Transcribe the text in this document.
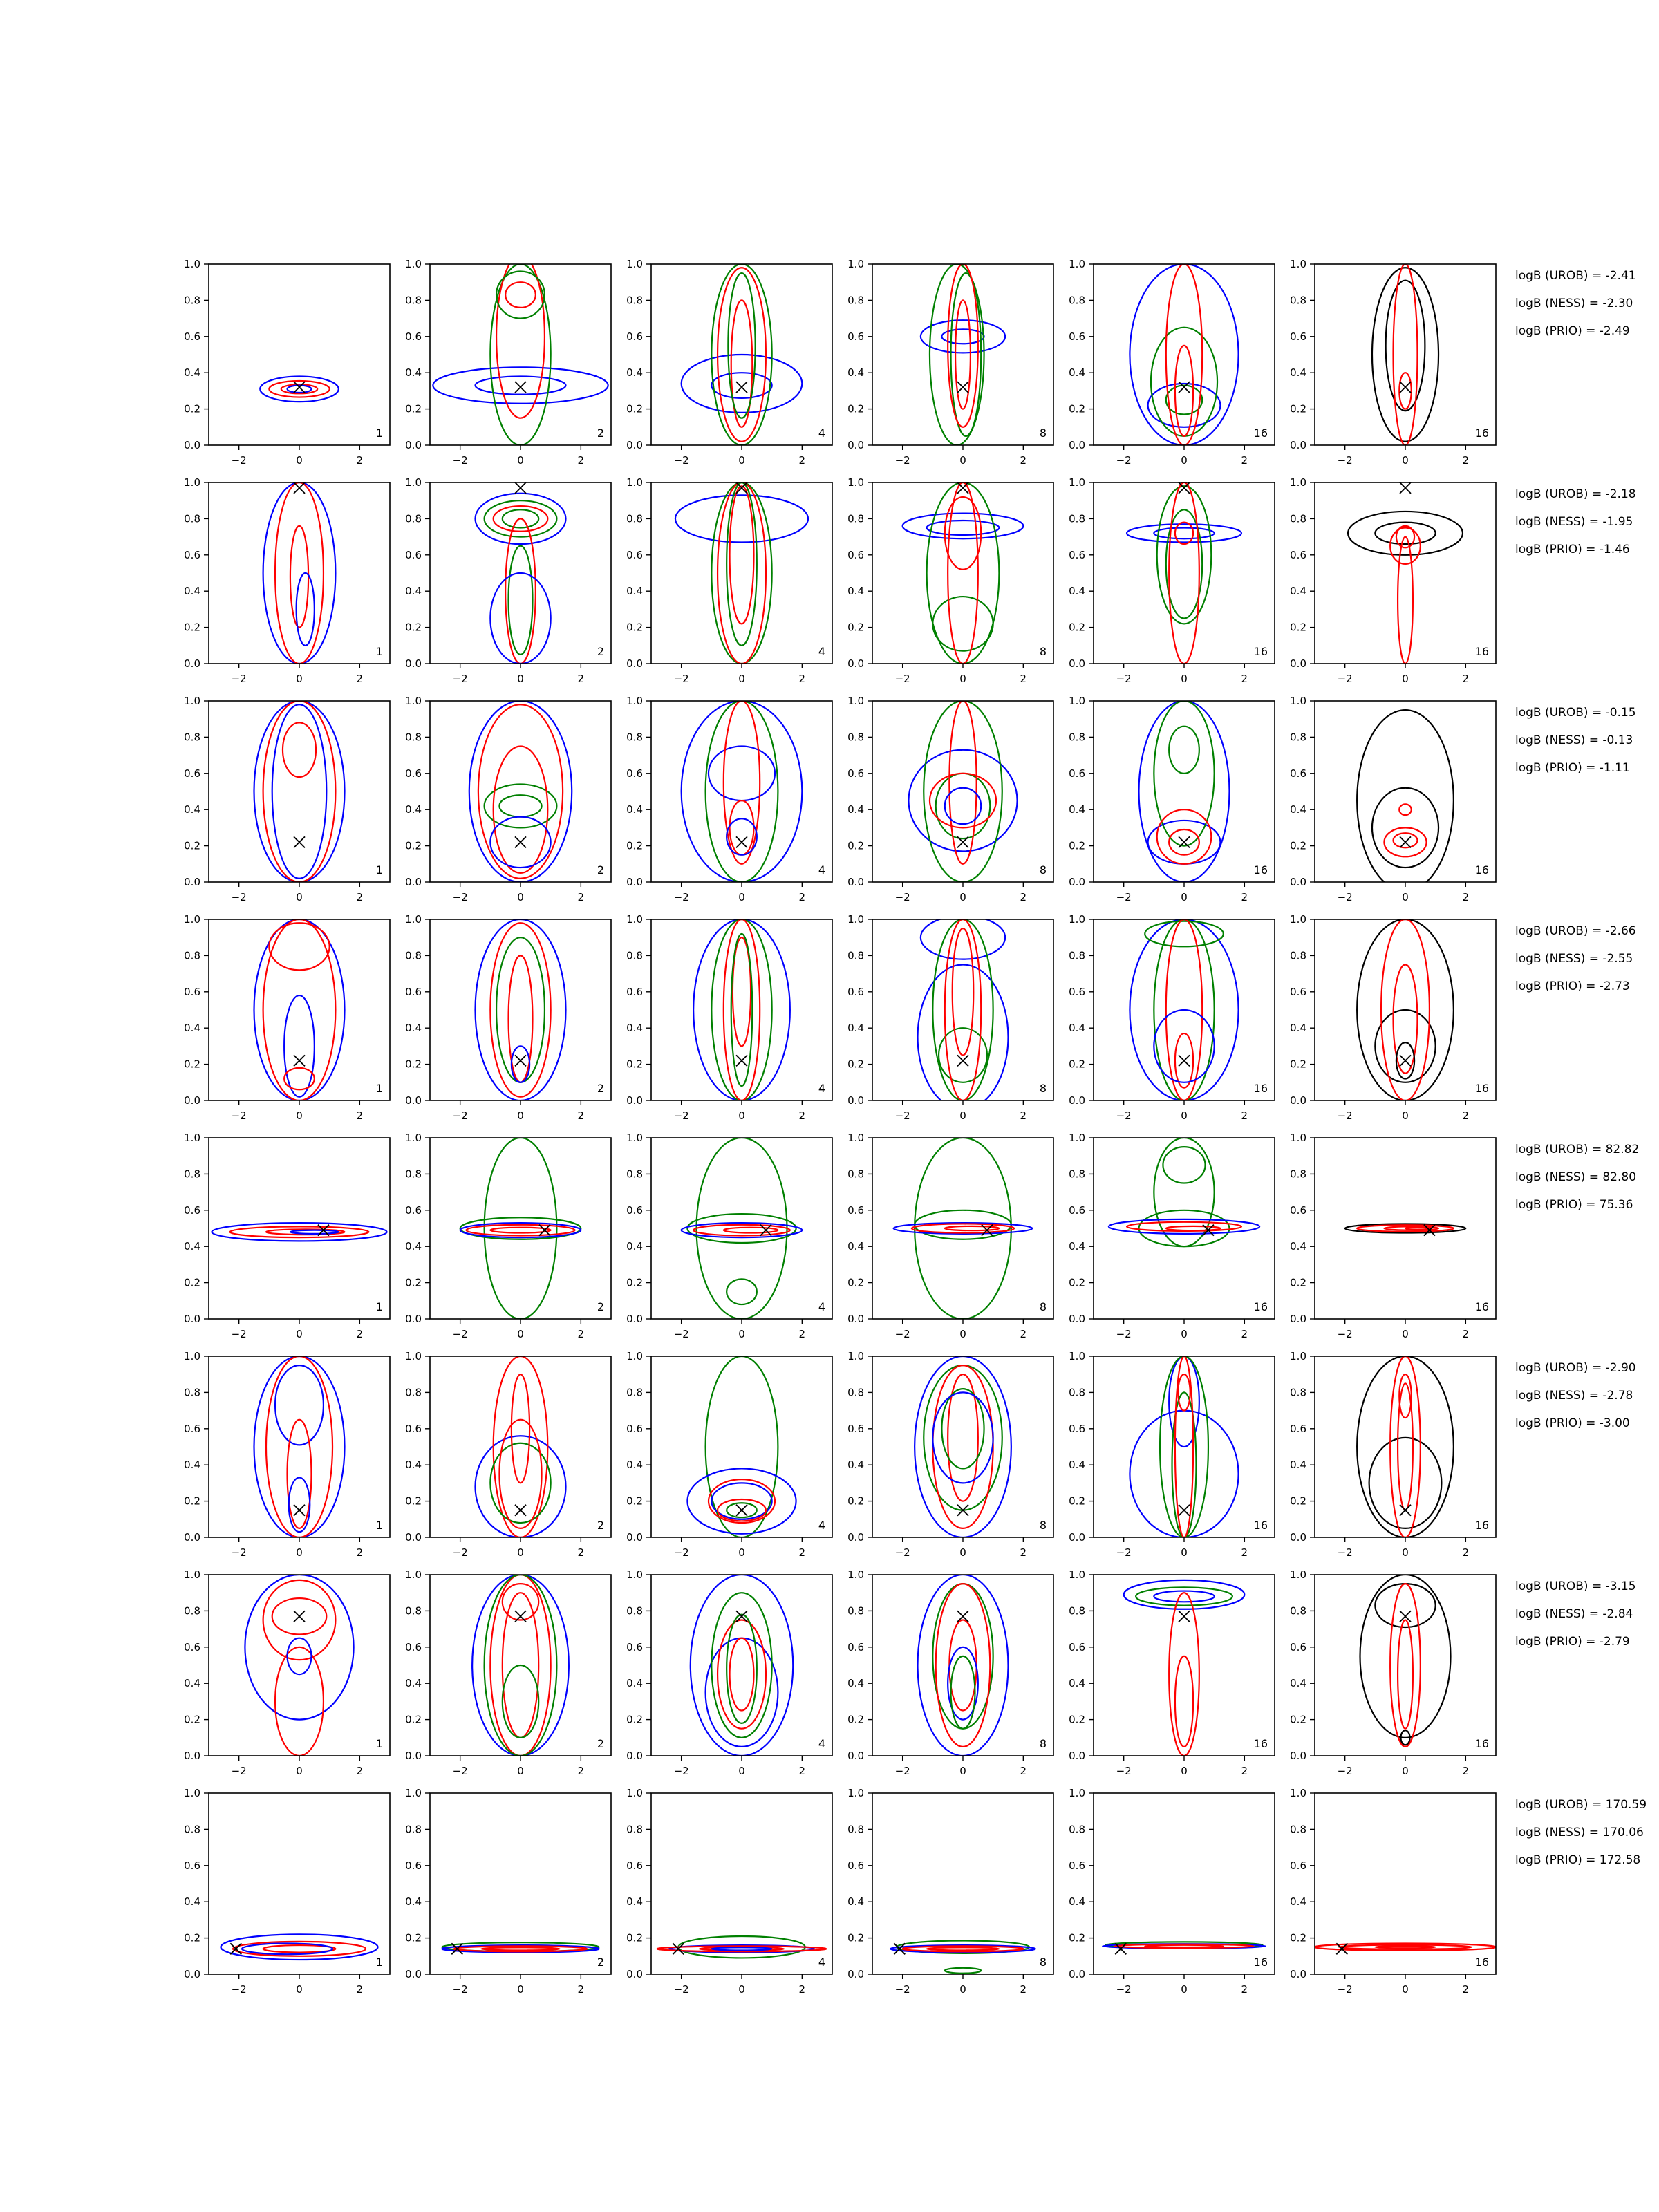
−2	0	2
0.0
0.2
0.4
0.6
0.8
1.0
1
−2	0	2
0.0
0.2
0.4
0.6
0.8
1.0
2
−2	0	2
0.0
0.2
0.4
0.6
0.8
1.0
4
−2	0	2
0.0
0.2
0.4
0.6
0.8
1.0
8
−2	0	2
0.0
0.2
0.4
0.6
0.8
1.0
16
−2	0	2
0.0
0.2
0.4
0.6
0.8
1.0
16
logB (UROB) = -2.41
logB (NESS) = -2.30
logB (PRIO) = -2.49
−2	0	2
0.0
0.2
0.4
0.6
0.8
1.0
1
−2	0	2
0.0
0.2
0.4
0.6
0.8
1.0
2
−2	0	2
0.0
0.2
0.4
0.6
0.8
1.0
4
−2	0	2
0.0
0.2
0.4
0.6
0.8
1.0
8
−2	0	2
0.0
0.2
0.4
0.6
0.8
1.0
16
−2	0	2
0.0
0.2
0.4
0.6
0.8
1.0
16
logB (UROB) = -2.18
logB (NESS) = -1.95
logB (PRIO) = -1.46
−2	0	2
0.0
0.2
0.4
0.6
0.8
1.0
1
−2	0	2
0.0
0.2
0.4
0.6
0.8
1.0
2
−2	0	2
0.0
0.2
0.4
0.6
0.8
1.0
4
−2	0	2
0.0
0.2
0.4
0.6
0.8
1.0
8
−2	0	2
0.0
0.2
0.4
0.6
0.8
1.0
16
−2	0	2
0.0
0.2
0.4
0.6
0.8
1.0
16
logB (UROB) = -0.15
logB (NESS) = -0.13
logB (PRIO) = -1.11
−2	0	2
0.0
0.2
0.4
0.6
0.8
1.0
1
−2	0	2
0.0
0.2
0.4
0.6
0.8
1.0
2
−2	0	2
0.0
0.2
0.4
0.6
0.8
1.0
4
−2	0	2
0.0
0.2
0.4
0.6
0.8
1.0
8
−2	0	2
0.0
0.2
0.4
0.6
0.8
1.0
16
−2	0	2
0.0
0.2
0.4
0.6
0.8
1.0
16
logB (UROB) = -2.66
logB (NESS) = -2.55
logB (PRIO) = -2.73
−2	0	2
0.0
0.2
0.4
0.6
0.8
1.0
1
−2	0	2
0.0
0.2
0.4
0.6
0.8
1.0
2
−2	0	2
0.0
0.2
0.4
0.6
0.8
1.0
4
−2	0	2
0.0
0.2
0.4
0.6
0.8
1.0
8
−2	0	2
0.0
0.2
0.4
0.6
0.8
1.0
16
−2	0	2
0.0
0.2
0.4
0.6
0.8
1.0
16
logB (UROB) = 82.82
logB (NESS) = 82.80
logB (PRIO) = 75.36
−2	0	2
0.0
0.2
0.4
0.6
0.8
1.0
1
−2	0	2
0.0
0.2
0.4
0.6
0.8
1.0
2
−2	0	2
0.0
0.2
0.4
0.6
0.8
1.0
4
−2	0	2
0.0
0.2
0.4
0.6
0.8
1.0
8
−2	0	2
0.0
0.2
0.4
0.6
0.8
1.0
16
−2	0	2
0.0
0.2
0.4
0.6
0.8
1.0
16
logB (UROB) = -2.90
logB (NESS) = -2.78
logB (PRIO) = -3.00
−2	0	2
0.0
0.2
0.4
0.6
0.8
1.0
1
−2	0	2
0.0
0.2
0.4
0.6
0.8
1.0
2
−2	0	2
0.0
0.2
0.4
0.6
0.8
1.0
4
−2	0	2
0.0
0.2
0.4
0.6
0.8
1.0
8
−2	0	2
0.0
0.2
0.4
0.6
0.8
1.0
16
−2	0	2
0.0
0.2
0.4
0.6
0.8
1.0
16
logB (UROB) = -3.15
logB (NESS) = -2.84
logB (PRIO) = -2.79
−2	0	2
0.0
0.2
0.4
0.6
0.8
1.0
1
−2	0	2
0.0
0.2
0.4
0.6
0.8
1.0
2
−2	0	2
0.0
0.2
0.4
0.6
0.8
1.0
4
−2	0	2
0.0
0.2
0.4
0.6
0.8
1.0
8
−2	0	2
0.0
0.2
0.4
0.6
0.8
1.0
16
−2	0	2
0.0
0.2
0.4
0.6
0.8
1.0
16
logB (UROB) = 170.59
logB (NESS) = 170.06
logB (PRIO) = 172.58
